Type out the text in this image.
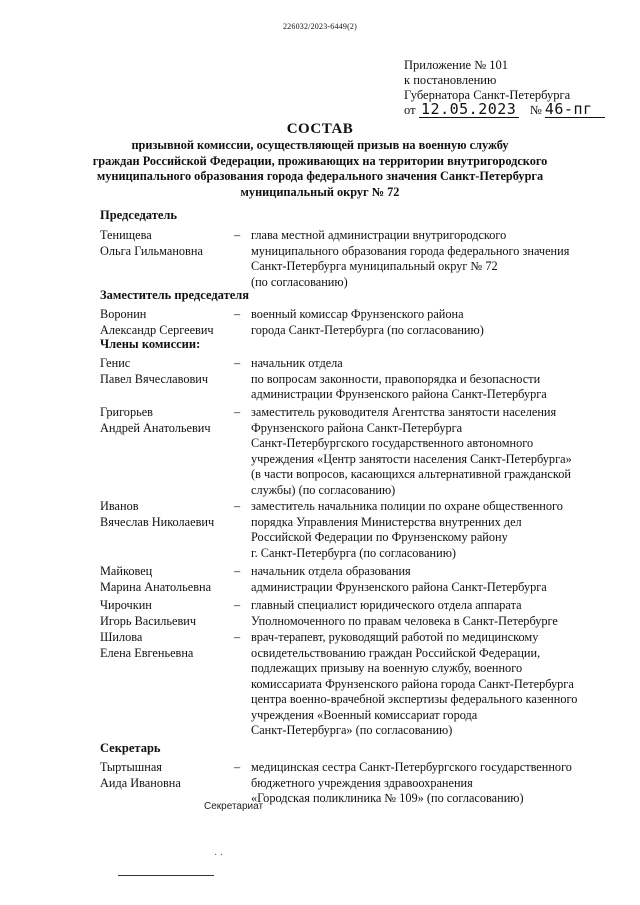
226032/2023-6449(2)
Приложение № 101
к постановлению
Губернатора Санкт-Петербурга
от 12.05.2023 № 46-пг
СОСТАВ
призывной комиссии, осуществляющей призыв на военную службу
граждан Российской Федерации, проживающих на территории внутригородского
муниципального образования города федерального значения Санкт-Петербурга
муниципальный округ № 72
Председатель
Тенищева
Ольга Гильмановна
– глава местной администрации внутригородского
муниципального образования города федерального значения
Санкт-Петербурга муниципальный округ № 72
(по согласованию)
Заместитель председателя
Воронин
Александр Сергеевич
– военный комиссар Фрунзенского района
города Санкт-Петербурга (по согласованию)
Члены комиссии:
Генис
Павел Вячеславович
– начальник отдела
по вопросам законности, правопорядка и безопасности
администрации Фрунзенского района Санкт-Петербурга
Григорьев
Андрей Анатольевич
– заместитель руководителя Агентства занятости населения
Фрунзенского района Санкт-Петербурга
Санкт-Петербургского государственного автономного
учреждения «Центр занятости населения Санкт-Петербурга»
(в части вопросов, касающихся альтернативной гражданской
службы) (по согласованию)
Иванов
Вячеслав Николаевич
– заместитель начальника полиции по охране общественного
порядка Управления Министерства внутренних дел
Российской Федерации по Фрунзенскому району
г. Санкт-Петербурга (по согласованию)
Майковец
Марина Анатольевна
– начальник отдела образования
администрации Фрунзенского района Санкт-Петербурга
Чирочкин
Игорь Васильевич
– главный специалист юридического отдела аппарата
Уполномоченного по правам человека в Санкт-Петербурге
Шилова
Елена Евгеньевна
– врач-терапевт, руководящий работой по медицинскому
освидетельствованию граждан Российской Федерации,
подлежащих призыву на военную службу, военного
комиссариата Фрунзенского района города Санкт-Петербурга
центра военно-врачебной экспертизы федерального казенного
учреждения «Военный комиссариат города
Санкт-Петербурга» (по согласованию)
Секретарь
Тыртышная
Аида Ивановна
– медицинская сестра Санкт-Петербургского государственного
бюджетного учреждения здравоохранения
«Городская поликлиника № 109» (по согласованию)
Секретариат
· ·
